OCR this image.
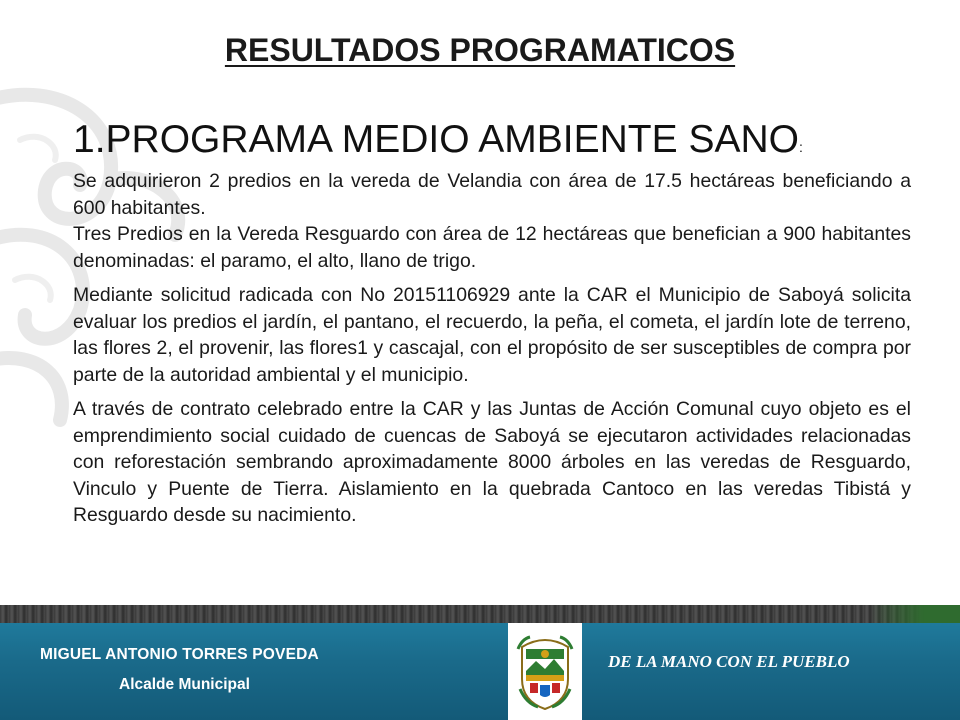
RESULTADOS PROGRAMATICOS
1.PROGRAMA MEDIO AMBIENTE SANO:

Se adquirieron 2 predios en la vereda de Velandia con área de 17.5 hectáreas beneficiando a 600 habitantes.

Tres Predios en la Vereda Resguardo con área de 12 hectáreas que benefician a 900 habitantes denominadas: el paramo, el alto, llano de trigo.

Mediante solicitud radicada con No 20151106929 ante la CAR el Municipio de Saboyá solicita evaluar los predios el jardín, el pantano, el recuerdo, la peña, el cometa, el jardín lote de terreno, las flores 2, el provenir, las flores1 y cascajal, con el propósito de ser susceptibles de compra por parte de la autoridad ambiental y el municipio.

A través de contrato celebrado entre la CAR y las Juntas de Acción Comunal cuyo objeto es el emprendimiento social cuidado de cuencas de Saboyá se ejecutaron actividades relacionadas con reforestación sembrando aproximadamente 8000 árboles en las veredas de Resguardo, Vinculo y Puente de Tierra. Aislamiento en la quebrada Cantoco en las veredas Tibistá y Resguardo desde su nacimiento.

MIGUEL ANTONIO TORRES POVEDA
Alcalde Municipal
DE LA MANO CON EL PUEBLO
